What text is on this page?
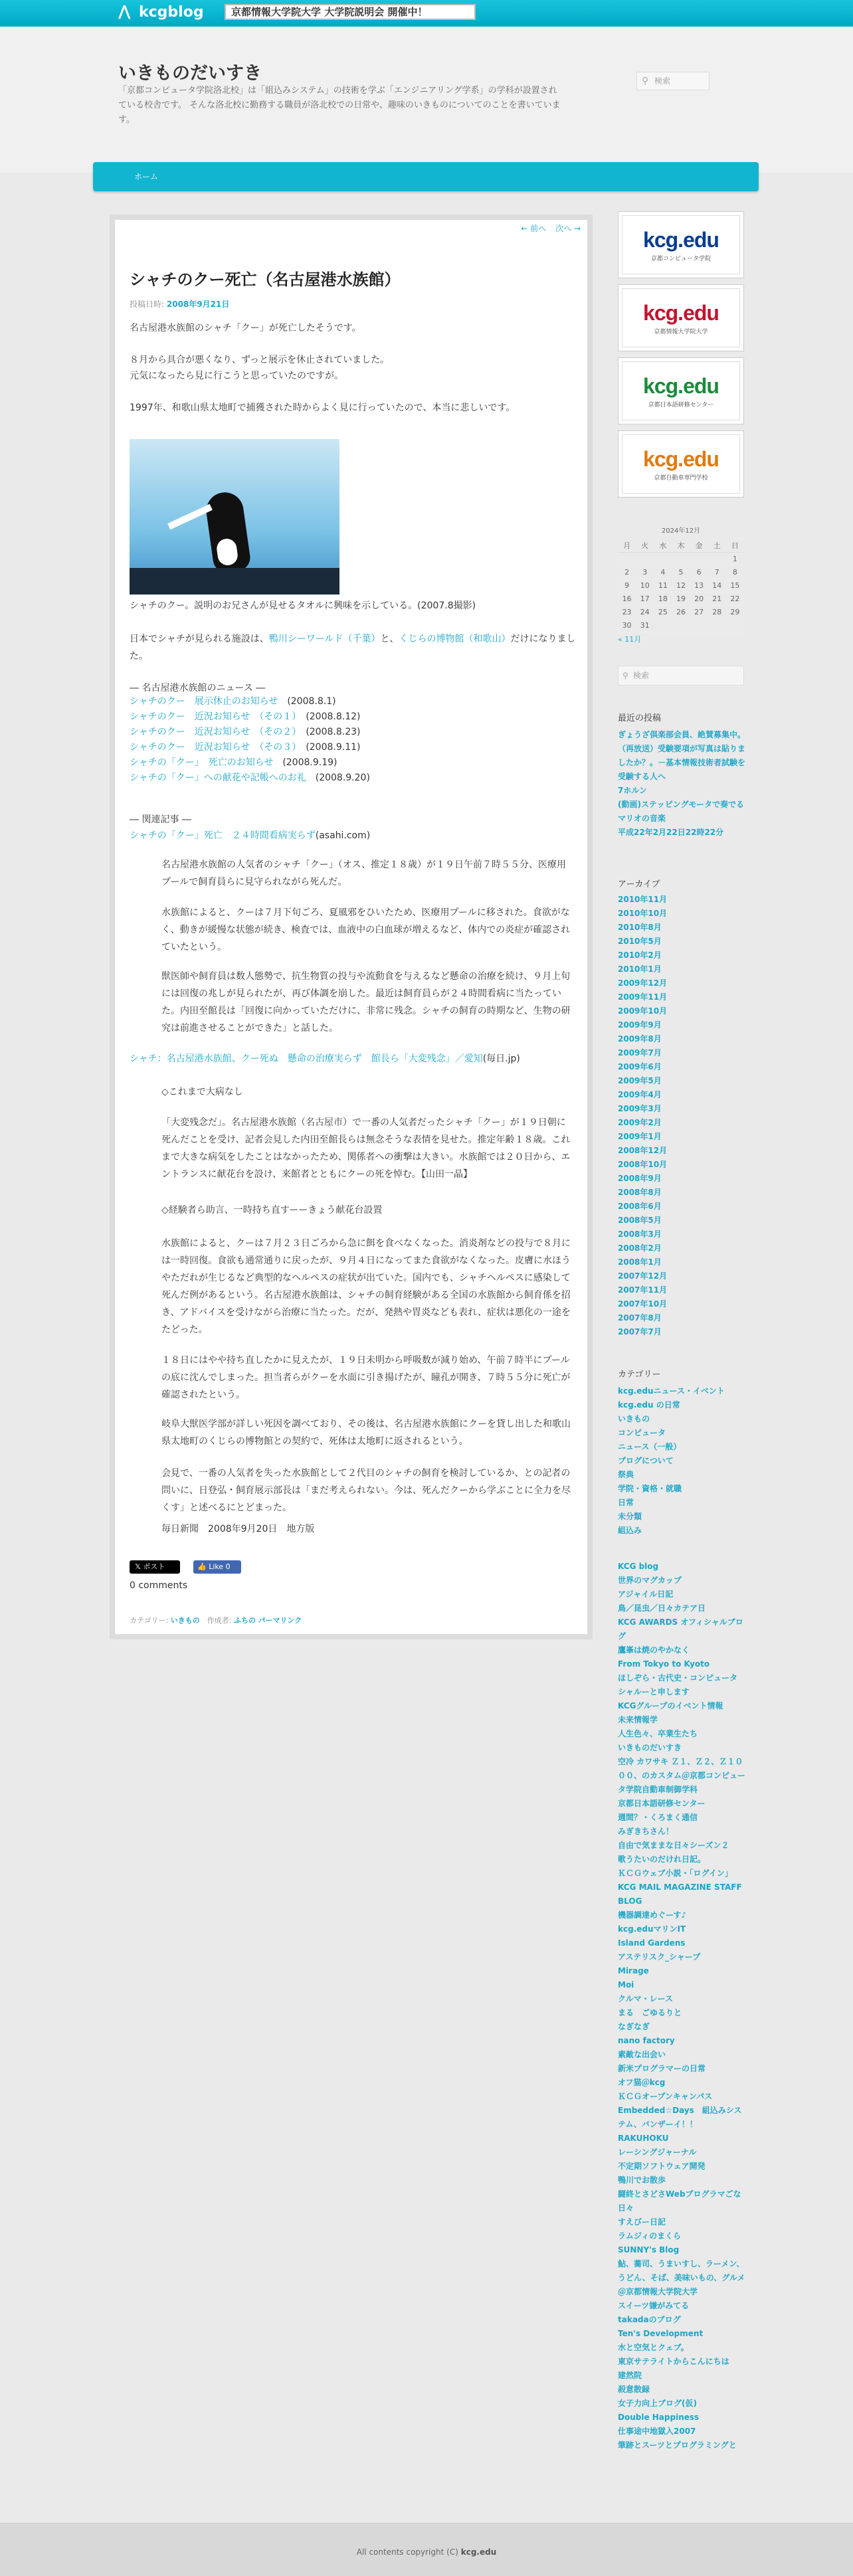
⋀ kcgblog	京都情報大学院大学 大学院説明会 開催中！
いきものだいすき
「京都コンピュータ学院洛北校」は「組込みシステム」の技術を学ぶ「エンジニアリング学系」の学科が設置されている校舎です。 そんな洛北校に勤務する職員が洛北校での日常や、趣味のいきものについてのことを書いています。
⚲ 検索
ホーム
← 前へ 次へ →
シャチのクー死亡（名古屋港水族館）
投稿日時: 2008年9月21日

名古屋港水族館のシャチ「クー」が死亡したそうです。

８月から具合が悪くなり、ずっと展示を休止されていました。

元気になったら見に行こうと思っていたのですが。

1997年、和歌山県太地町で捕獲された時からよく見に行っていたので、本当に悲しいです。

シャチのクー。説明のお兄さんが見せるタオルに興味を示している。(2007.8撮影)

日本でシャチが見られる施設は、鴨川シーワールド（千葉）と、くじらの博物館（和歌山）だけになりました。

― 名古屋港水族館のニュース ―

シャチのクー　展示休止のお知らせ　 (2008.8.1)
シャチのクー　近況お知らせ　（その１）　 (2008.8.12)
シャチのクー　近況お知らせ　（その２）　 (2008.8.23)
シャチのクー　近況お知らせ　（その３）　 (2008.9.11)
シャチの「クー」　死亡のお知らせ　 (2008.9.19)
シャチの「クー」への献花や記帳へのお礼　 (2008.9.20)

― 関連記事 ―

シャチの「クー」死亡　２４時間看病実らず(asahi.com)

名古屋港水族館の人気者のシャチ「クー」（オス、推定１８歳）が１９日午前７時５５分、医療用プールで飼育員らに見守られながら死んだ。

水族館によると、クーは７月下旬ごろ、夏風邪をひいたため、医療用プールに移された。食欲がなく、動きが緩慢な状態が続き、検査では、血液中の白血球が増えるなど、体内での炎症が確認されていたという。

獣医師や飼育員は数人態勢で、抗生物質の投与や流動食を与えるなど懸命の治療を続け、９月上旬には回復の兆しが見られたが、再び体調を崩した。最近は飼育員らが２４時間看病に当たっていた。内田至館長は「回復に向かっていただけに、非常に残念。シャチの飼育の時期など、生物の研究は前進させることができた」と話した。

シャチ：名古屋港水族館、クー死ぬ　懸命の治療実らず　館長ら「大変残念」／愛知(毎日.jp)

◇これまで大病なし

「大変残念だ」。名古屋港水族館（名古屋市）で一番の人気者だったシャチ「クー」が１９日朝に死んだことを受け、記者会見した内田至館長らは無念そうな表情を見せた。推定年齢１８歳。これまで大きな病気をしたことはなかったため、関係者への衝撃は大きい。水族館では２０日から、エントランスに献花台を設け、来館者とともにクーの死を悼む。【山田一晶】

◇経験者ら助言、一時持ち直すーーきょう献花台設置

水族館によると、クーは７月２３日ごろから急に餌を食べなくなった。消炎剤などの投与で８月には一時回復。食欲も通常通りに戻ったが、９月４日になってまた食欲がなくなった。皮膚に水ほうやただれが生じるなど典型的なヘルペスの症状が出ていた。国内でも、シャチヘルペスに感染して死んだ例があるという。名古屋港水族館は、シャチの飼育経験がある全国の水族館から飼育係を招き、アドバイスを受けながら治療に当たった。だが、発熱や胃炎なども表れ、症状は悪化の一途をたどった。

１８日にはやや持ち直したかに見えたが、１９日未明から呼吸数が減り始め、午前７時半にプールの底に沈んでしまった。担当者らがクーを水面に引き揚げたが、瞳孔が開き、７時５５分に死亡が確認されたという。

岐阜大獣医学部が詳しい死因を調べており、その後は、名古屋港水族館にクーを貸し出した和歌山県太地町のくじらの博物館との契約で、死体は太地町に返されるという。

会見で、一番の人気者を失った水族館として２代目のシャチの飼育を検討しているか、との記者の問いに、日登弘・飼育展示部長は「まだ考えられない。今は、死んだクーから学ぶことに全力を尽くす」と述べるにとどまった。

毎日新聞　2008年9月20日　地方版

𝕏 ポスト	👍 Like 0
0 comments
カテゴリー: いきもの　 作成者: ふちの パーマリンク
kcg.edu
京都コンピュータ学院
kcg.edu
京都情報大学院大学
kcg.edu
京都日本語研修センター
kcg.edu
京都自動車専門学校
2024年12月
月	火	水	木	金	土	日
						1
2	3	4	5	6	7	8
9	10	11	12	13	14	15
16	17	18	19	20	21	22
23	24	25	26	27	28	29
30	31					
« 11月
⚲ 検索
最近の投稿
ぎょうざ倶楽部会員、絶賛募集中。
（再放送）受験要項が写真は貼りましたか？。－基本情報技術者試験を受験する人へ
7ホルン
(動画)ステッピングモータで奏でるマリオの音楽
平成22年2月22日22時22分
アーカイブ
2010年11月
2010年10月
2010年8月
2010年5月
2010年2月
2010年1月
2009年12月
2009年11月
2009年10月
2009年9月
2009年8月
2009年7月
2009年6月
2009年5月
2009年4月
2009年3月
2009年2月
2009年1月
2008年12月
2008年10月
2008年9月
2008年8月
2008年6月
2008年5月
2008年3月
2008年2月
2008年1月
2007年12月
2007年11月
2007年10月
2007年8月
2007年7月
カテゴリー
kcg.eduニュース・イベント
kcg.edu の日常
いきもの
コンピュータ
ニュース（一般）
ブログについて
祭典
学院・資格・就職
日常
未分類
組込み
KCG blog
世界のマグカップ
アジャイル日記
鳥／昆虫／日々カテア日
KCG AWARDS オフィシャルブログ
鷹峯は焼のやかなく
From Tokyo to Kyoto
ほしぞら・古代史・コンピュータ
シャルーと申します
KCGグループのイベント情報
未来情報学
人生色々、卒業生たち
いきものだいすき
空冷 カワサキ Ｚ１、Ｚ２、Ｚ１０００、のカスタム＠京都コンピュータ学院自動車制御学科
京都日本語研修センター
週間？・くろまく通信
みぎきちさん！
自由で気ままな日々シーズン２
歌うたいのだけれ日記。
ＫＣＧウェブ小説・「ログイン」
KCG MAIL MAGAZINE STAFF BLOG
機器調達めぐーす♪
kcg.eduマリンIT
Island Gardens
アステリスク_シャープ
Mirage
Moi
クルマ・レース
まる　ごゆるりと
なぎなぎ
nano factory
素敵な出会い
新米プログラマーの日常
オフ猫＠kcg
ＫＣＧオープンキャンパス
Embedded☆Days　組込みシステム、バンザーイ！！
RAKUHOKU
レーシングジャーナル
不定期ソフトウェア開発
鴨川でお散歩
闘終とさどさWebプログラマごな日々
すえびー日記
ラムジィのまくら
SUNNY's Blog
鮎、蕎司、うまいすし、ラーメン、うどん、そば、美味いもの、グルメ＠京都情報大学院大学
スイーツ嫌がみてる
takadaのブログ
Ten's Development
水と空気とクェブ。
東京サテライトからこんにちは
建然院
殺意散録
女子力向上ブログ(仮)
Double Happiness
仕事途中地獄入2007
筆跡とスーツとプログラミングと

All contents copyright (C) kcg.edu
